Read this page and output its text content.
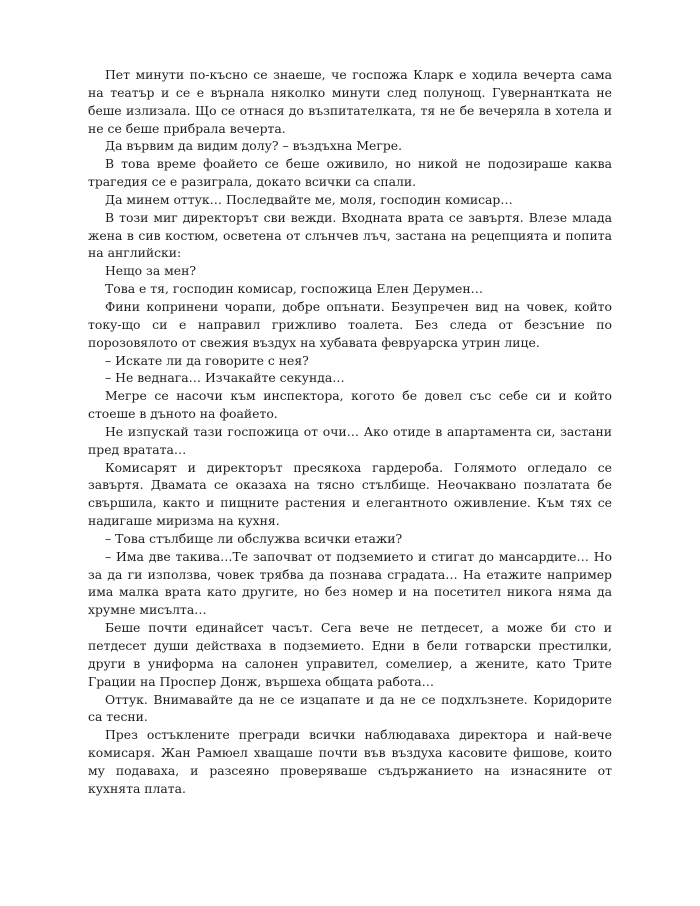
Пет минути по-късно се знаеше, че госпожа Кларк е ходила вечерта сама на театър и се е върнала няколко минути след полунощ. Гувернантката не беше излизала. Що се отнася до възпитателката, тя не бе вечеряла в хотела и не се беше прибрала вечерта.

Да вървим да видим долу? – въздъхна Мегре.

В това време фоайето се беше оживило, но никой не подозираше каква трагедия се е разиграла, докато всички са спали.

Да минем оттук… Последвайте ме, моля, господин комисар…

В този миг директорът сви вежди. Входната врата се завъртя. Влезе млада жена в сив костюм, осветена от слънчев лъч, застана на рецепцията и попита на английски:

Нещо за мен?

Това е тя, господин комисар, госпожица Елен Дерумен…

Фини копринени чорапи, добре опънати. Безупречен вид на човек, който току-що си е направил грижливо тоалета. Без следа от безсъние по порозовялото от свежия въздух на хубавата февруарска утрин лице.

– Искате ли да говорите с нея?

– Не веднага… Изчакайте секунда…

Мегре се насочи към инспектора, когото бе довел със себе си и който стоеше в дъното на фоайето.

Не изпускай тази госпожица от очи… Ако отиде в апартамента си, застани пред вратата…

Комисарят и директорът пресякоха гардероба. Голямото огледало се завъртя. Двамата се оказаха на тясно стълбище. Неочаквано позлатата бе свършила, както и пищните растения и елегантното оживление. Към тях се надигаше миризма на кухня.

– Това стълбище ли обслужва всички етажи?

– Има две такива…Те започват от подземието и стигат до мансардите… Но за да ги използва, човек трябва да познава сградата… На етажите например има малка врата като другите, но без номер и на посетител никога няма да хрумне мисълта…

Беше почти единайсет часът. Сега вече не петдесет, а може би сто и петдесет души действаха в подземието. Едни в бели готварски престилки, други в униформа на салонен управител, сомелиер, а жените, като Трите Грации на Проспер Донж, вършеха общата работа…

Оттук. Внимавайте да не се изцапате и да не се подхлъзнете. Коридорите са тесни.

През остъклените прегради всички наблюдаваха директора и най-вече комисаря. Жан Рамюел хващаше почти във въздуха касовите фишове, които му подаваха, и разсеяно проверяваше съдържанието на изнасяните от кухнята плата.
